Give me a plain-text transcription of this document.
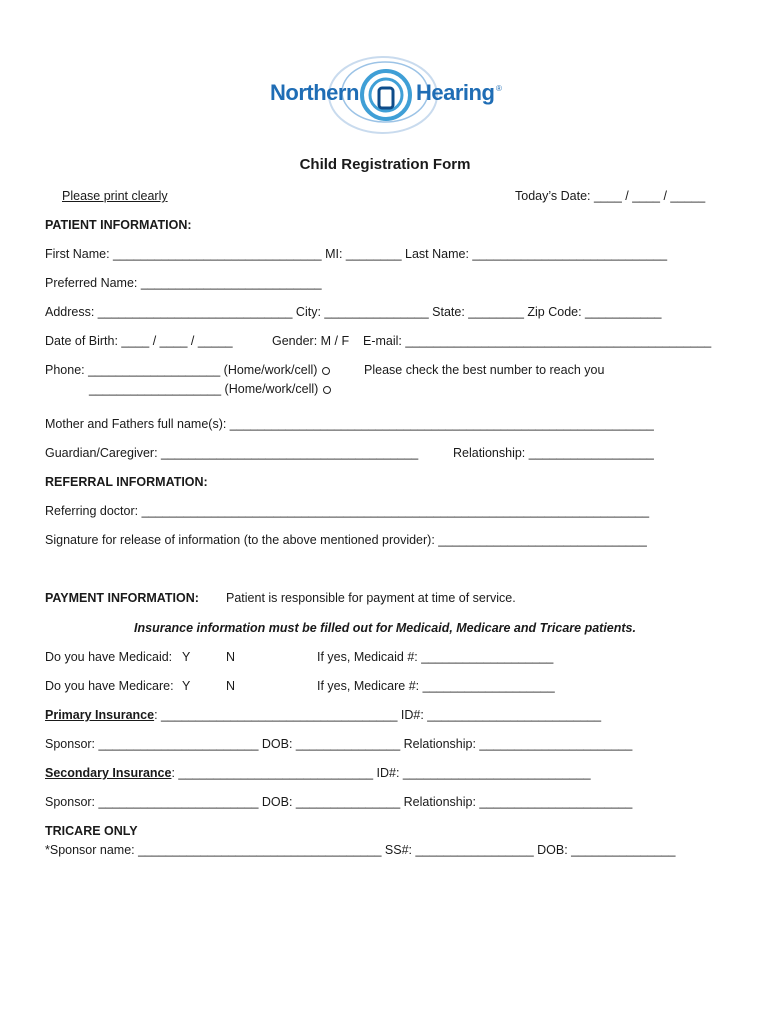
Northern	Hearing ®
Child Registration Form
Please print clearly	Today’s Date: ____ / ____ / _____
PATIENT INFORMATION:
First Name: ______________________________ MI: ________ Last Name: ____________________________
Preferred Name: __________________________
Address: ____________________________ City: _______________ State: ________ Zip Code: ___________
Date of Birth: ____ / ____ / _____	Gender: M / F E-mail: ____________________________________________
Phone: ___________________ (Home/work/cell)
___________________ (Home/work/cell)
Please check the best number to reach you
Mother and Fathers full name(s): _____________________________________________________________
Guardian/Caregiver: _____________________________________	Relationship: __________________
REFERRAL INFORMATION:
Referring doctor: _________________________________________________________________________
Signature for release of information (to the above mentioned provider): ______________________________
PAYMENT INFORMATION: Patient is responsible for payment at time of service.
Insurance information must be filled out for Medicaid, Medicare and Tricare patients.
Do you have Medicaid: Y	N	If yes, Medicaid #: ___________________
Do you have Medicare: Y	N	If yes, Medicare #: ___________________
Primary Insurance: __________________________________ ID#: _________________________
Sponsor: _______________________ DOB: _______________ Relationship: ______________________
Secondary Insurance: ____________________________ ID#: ___________________________
Sponsor: _______________________ DOB: _______________ Relationship: ______________________
TRICARE ONLY
*Sponsor name: ___________________________________ SS#: _________________ DOB: _______________
